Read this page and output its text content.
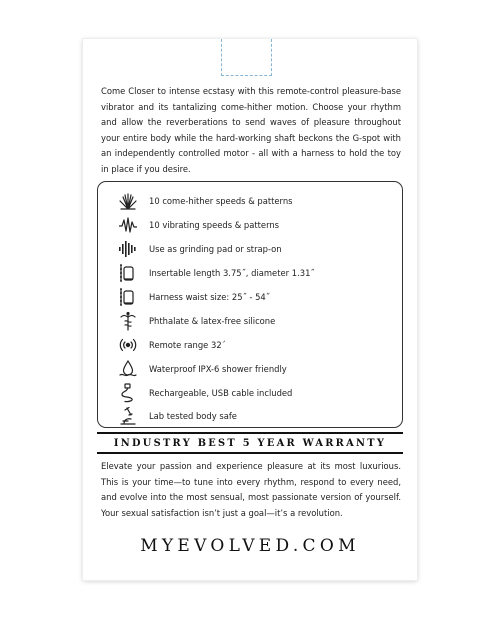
Come Closer to intense ecstasy with this remote-control pleasure-base vibrator and its tantalizing come-hither motion. Choose your rhythm and allow the reverberations to send waves of pleasure throughout your entire body while the hard-working shaft beckons the G-spot with an independently controlled motor - all with a harness to hold the toy in place if you desire.

10 come-hither speeds & patterns
10 vibrating speeds & patterns
Use as grinding pad or strap-on
Insertable length 3.75˝, diameter 1.31˝
Harness waist size: 25˝ - 54˝
Phthalate & latex-free silicone
Remote range 32´
Waterproof IPX-6 shower friendly
Rechargeable, USB cable included
Lab tested body safe
INDUSTRY BEST 5 YEAR WARRANTY

Elevate your passion and experience pleasure at its most luxurious. This is your time—to tune into every rhythm, respond to every need, and evolve into the most sensual, most passionate version of yourself. Your sexual satisfaction isn’t just a goal—it’s a revolution.

MYEVOLVED.COM
